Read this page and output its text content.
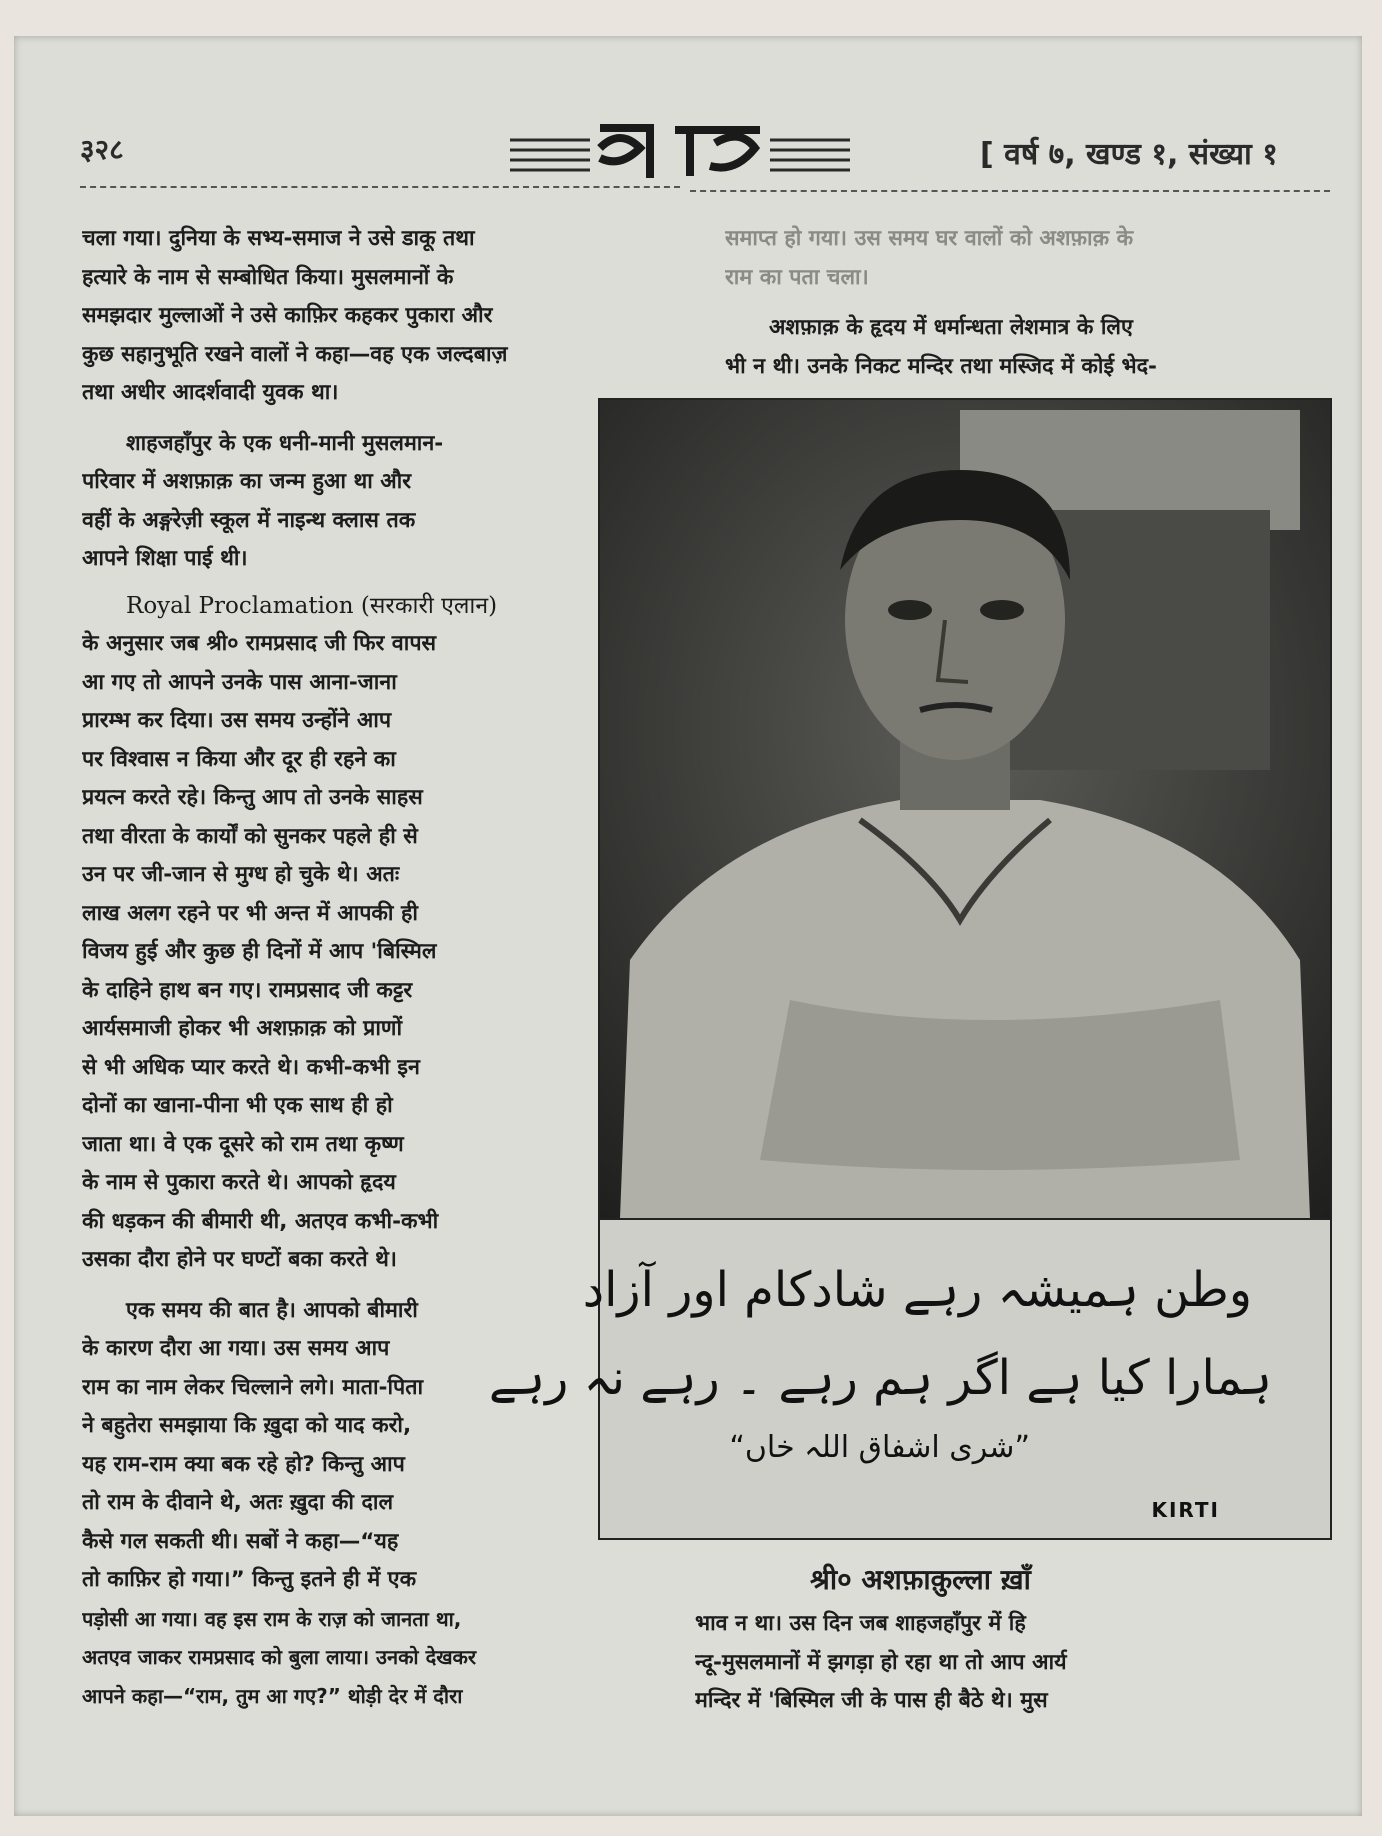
३२८	[ वर्ष ७, खण्ड १, संख्या १
चला गया। दुनिया के सभ्य-समाज ने उसे डाकू तथा
हत्यारे के नाम से सम्बोधित किया। मुसलमानों के
समझदार मुल्लाओं ने उसे काफ़िर कहकर पुकारा और
कुछ सहानुभूति रखने वालों ने कहा—वह एक जल्दबाज़
तथा अधीर आदर्शवादी युवक था।
शाहजहाँपुर के एक धनी-मानी मुसलमान-
परिवार में अशफ़ाक़ का जन्म हुआ था और
वहीं के अङ्गरेज़ी स्कूल में नाइन्थ क्लास तक
आपने शिक्षा पाई थी।
Royal Proclamation (सरकारी एलान)
के अनुसार जब श्री० रामप्रसाद जी फिर वापस
आ गए तो आपने उनके पास आना-जाना
प्रारम्भ कर दिया। उस समय उन्होंने आप
पर विश्वास न किया और दूर ही रहने का
प्रयत्न करते रहे। किन्तु आप तो उनके साहस
तथा वीरता के कार्यों को सुनकर पहले ही से
उन पर जी-जान से मुग्ध हो चुके थे। अतः
लाख अलग रहने पर भी अन्त में आपकी ही
विजय हुई और कुछ ही दिनों में आप 'बिस्मिल
के दाहिने हाथ बन गए। रामप्रसाद जी कट्टर
आर्यसमाजी होकर भी अशफ़ाक़ को प्राणों
से भी अधिक प्यार करते थे। कभी-कभी इन
दोनों का खाना-पीना भी एक साथ ही हो
जाता था। वे एक दूसरे को राम तथा कृष्ण
के नाम से पुकारा करते थे। आपको हृदय
की धड़कन की बीमारी थी, अतएव कभी-कभी
उसका दौरा होने पर घण्टों बका करते थे।
एक समय की बात है। आपको बीमारी
के कारण दौरा आ गया। उस समय आप
राम का नाम लेकर चिल्लाने लगे। माता-पिता
ने बहुतेरा समझाया कि ख़ुदा को याद करो,
यह राम-राम क्या बक रहे हो? किन्तु आप
तो राम के दीवाने थे, अतः ख़ुदा की दाल
कैसे गल सकती थी। सबों ने कहा—“यह
तो काफ़िर हो गया।” किन्तु इतने ही में एक
पड़ोसी आ गया। वह इस राम के राज़ को जानता था,
अतएव जाकर रामप्रसाद को बुला लाया। उनको देखकर
आपने कहा—“राम, तुम आ गए?” थोड़ी देर में दौरा
समाप्त हो गया। उस समय घर वालों को अशफ़ाक़ के
राम का पता चला।
अशफ़ाक़ के हृदय में धर्मान्धता लेशमात्र के लिए
भी न थी। उनके निकट मन्दिर तथा मस्जिद में कोई भेद-
وطن ہمیشہ رہے شادکام اور آزاد
ہمارا کیا ہے اگر ہم رہے ۔ رہے نہ رہے
”شری اشفاق اللہ خاں“
KIRTI
श्री० अशफ़ाक़ुल्ला ख़ाँ
भाव न था। उस दिन जब शाहजहाँपुर में हि
न्दू-मुसलमानों में झगड़ा हो रहा था तो आप आर्य
मन्दिर में 'बिस्मिल जी के पास ही बैठे थे। मुस
